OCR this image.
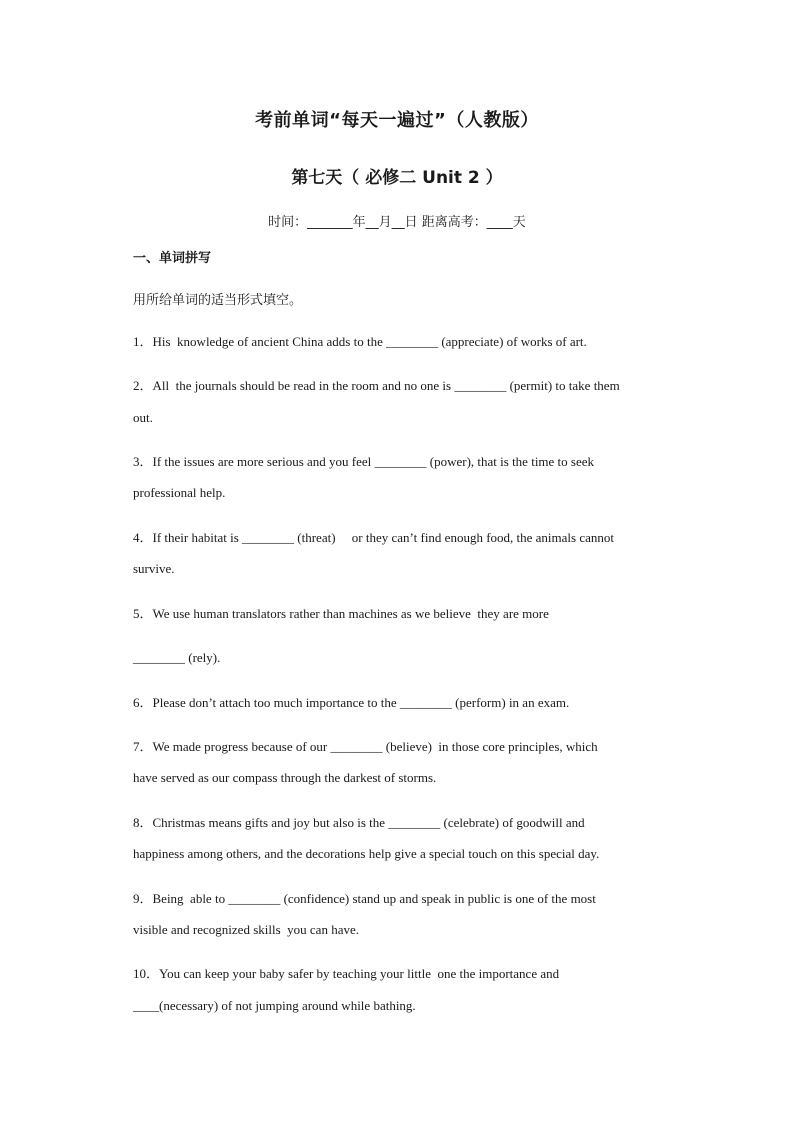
考前单词“每天一遍过”（人教版）
第七天（ 必修二 Unit 2 ）
时间：_______年__月__日 距离高考：____天
一、单词拼写
用所给单词的适当形式填空。
1．His  knowledge of ancient China adds to the ________ (appreciate) of works of art.
2．All  the journals should be read in the room and no one is ________ (permit) to take them
out.
3．If the issues are more serious and you feel ________ (power), that is the time to seek
professional help.
4．If their habitat is ________ (threat)     or they can’t find enough food, the animals cannot
survive.
5．We use human translators rather than machines as we believe  they are more
________ (rely).
6．Please don’t attach too much importance to the ________ (perform) in an exam.
7．We made progress because of our ________ (believe)  in those core principles, which
have served as our compass through the darkest of storms.
8．Christmas means gifts and joy but also is the ________ (celebrate) of goodwill and
happiness among others, and the decorations help give a special touch on this special day.
9．Being  able to ________ (confidence) stand up and speak in public is one of the most
visible and recognized skills  you can have.
10．You can keep your baby safer by teaching your little  one the importance and
____(necessary) of not jumping around while bathing.
